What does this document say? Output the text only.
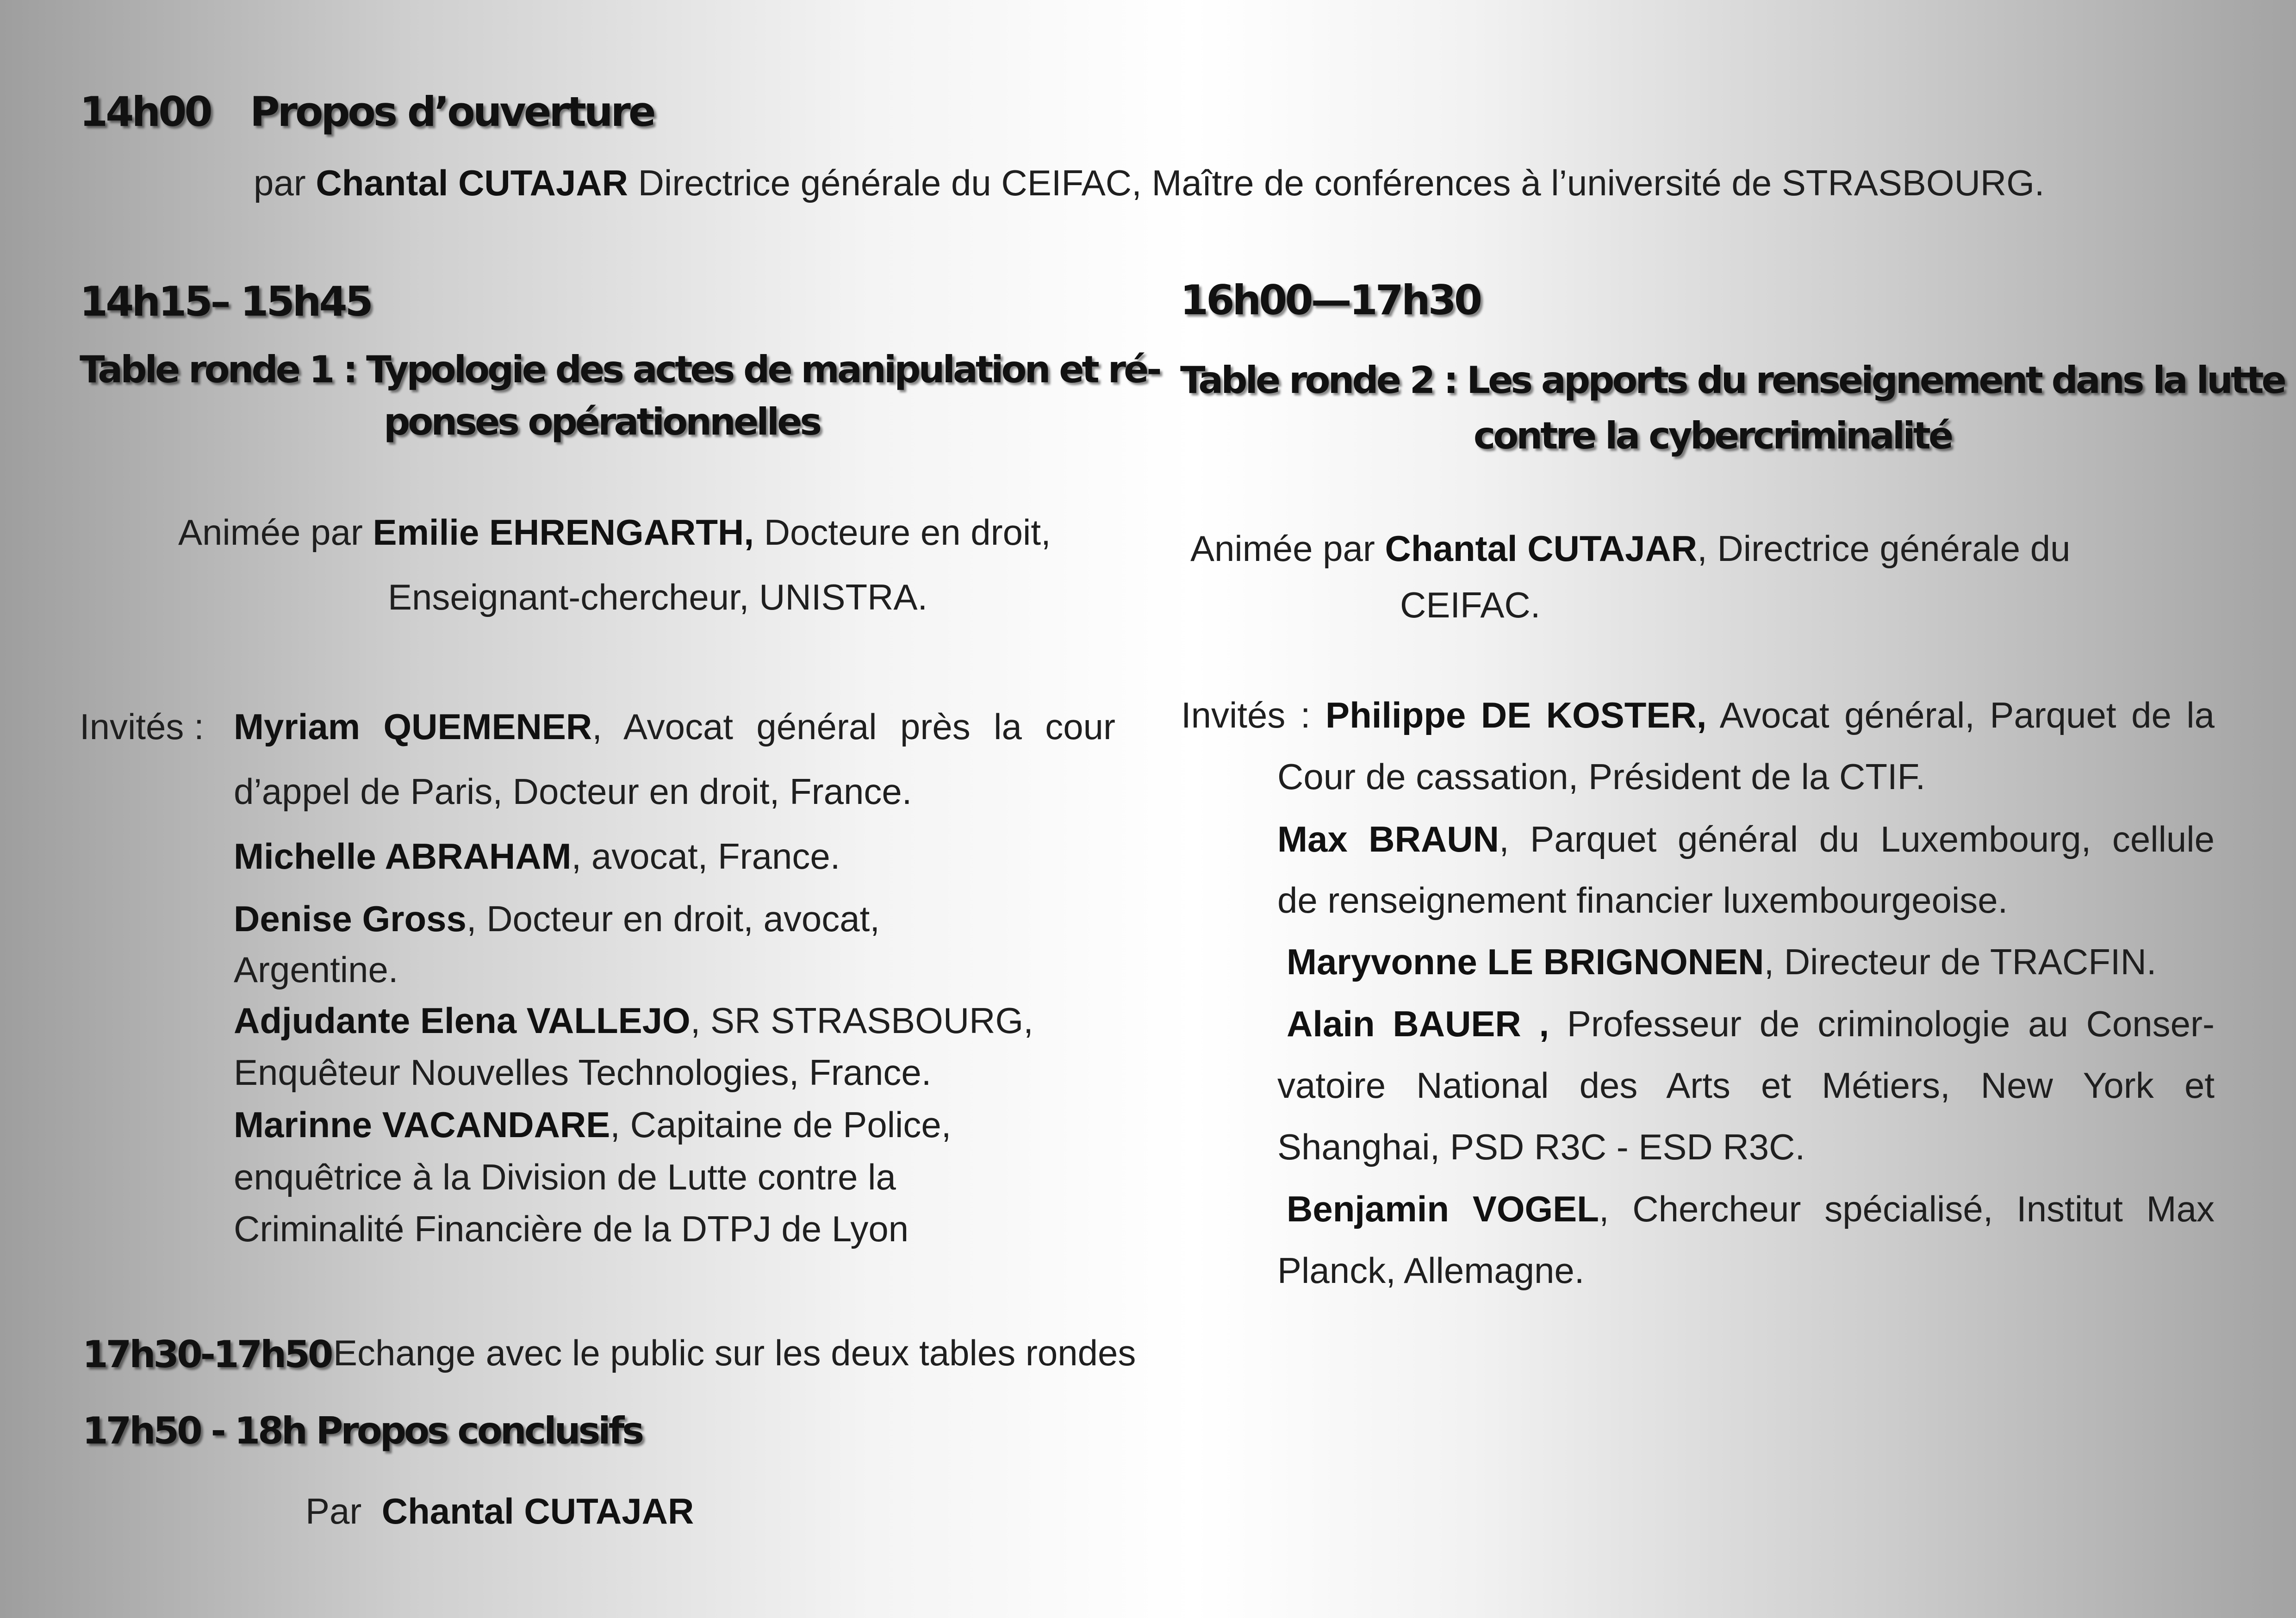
14h00 Propos d’ouverture
par Chantal CUTAJAR Directrice générale du CEIFAC, Maître de conférences à l’université de STRASBOURG.
14h15– 15h45
Table ronde 1 : Typologie des actes de manipulation et ré-
ponses opérationnelles
Animée par Emilie EHRENGARTH, Docteure en droit,
Enseignant-chercheur, UNISTRA.
Invités : Myriam QUEMENER, Avocat général près la cour
d’appel de Paris, Docteur en droit, France.
Michelle ABRAHAM, avocat, France.
Denise Gross, Docteur en droit, avocat,
Argentine.
Adjudante Elena VALLEJO, SR STRASBOURG,
Enquêteur Nouvelles Technologies, France.
Marinne VACANDARE, Capitaine de Police,
enquêtrice à la Division de Lutte contre la
Criminalité Financière de la DTPJ de Lyon
16h00—17h30
Table ronde 2 : Les apports du renseignement dans la lutte
contre la cybercriminalité
Animée par Chantal CUTAJAR, Directrice générale du
CEIFAC.
Invités : Philippe DE KOSTER, Avocat général, Parquet de la
Cour de cassation, Président de la CTIF.
Max BRAUN, Parquet général du Luxembourg, cellule
de renseignement financier luxembourgeoise.
Maryvonne LE BRIGNONEN, Directeur de TRACFIN.
Alain BAUER , Professeur de criminologie au Conser-
vatoire National des Arts et Métiers, New York et
Shanghai, PSD R3C - ESD R3C.
Benjamin VOGEL, Chercheur spécialisé, Institut Max
Planck, Allemagne.
17h30-17h50 Echange avec le public sur les deux tables rondes
17h50 - 18h Propos conclusifs
Par Chantal CUTAJAR
